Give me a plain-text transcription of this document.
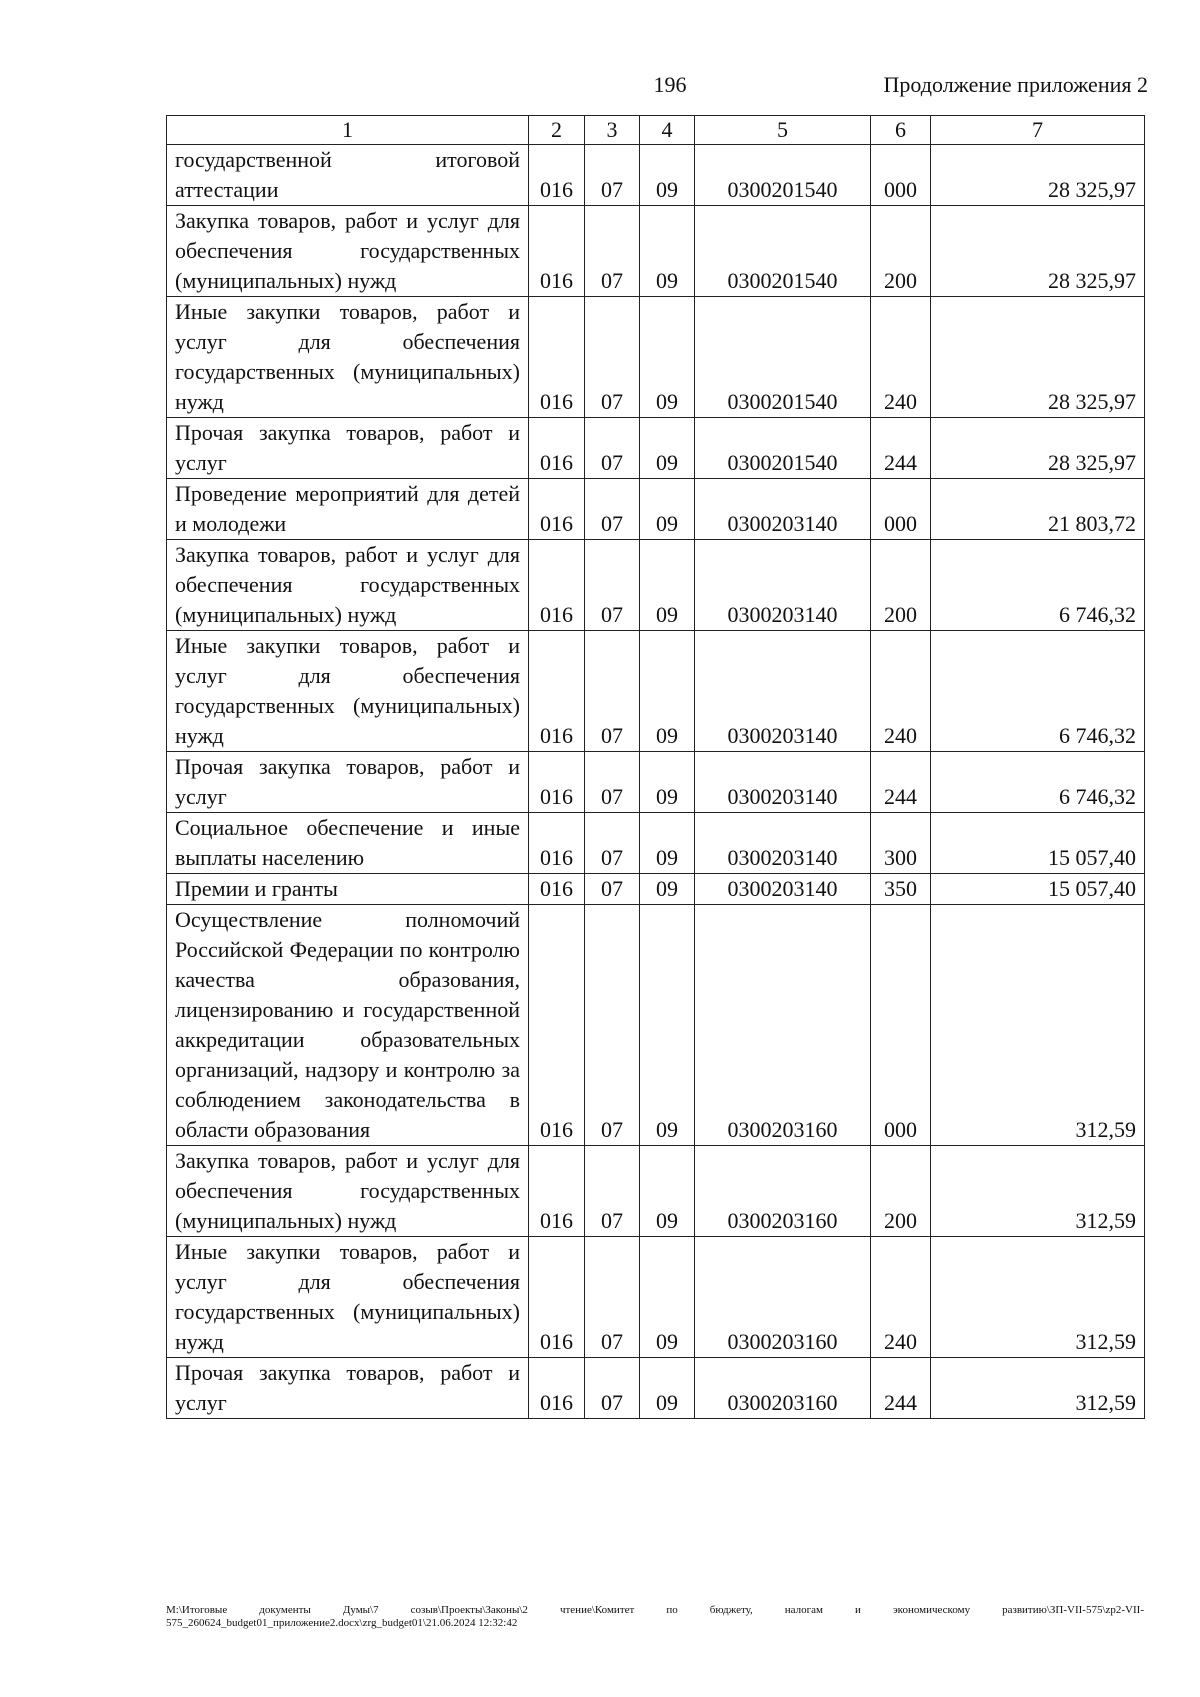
196	Продолжение приложения 2
1	2	3	4	5	6	7
государственной итоговой аттестации	016	07	09	0300201540	000	28 325,97
Закупка товаров, работ и услуг для обеспечения государственных (муниципальных) нужд	016	07	09	0300201540	200	28 325,97
Иные закупки товаров, работ и услуг для обеспечения государственных (муниципальных) нужд	016	07	09	0300201540	240	28 325,97
Прочая закупка товаров, работ и услуг	016	07	09	0300201540	244	28 325,97
Проведение мероприятий для детей и молодежи	016	07	09	0300203140	000	21 803,72
Закупка товаров, работ и услуг для обеспечения государственных (муниципальных) нужд	016	07	09	0300203140	200	6 746,32
Иные закупки товаров, работ и услуг для обеспечения государственных (муниципальных) нужд	016	07	09	0300203140	240	6 746,32
Прочая закупка товаров, работ и услуг	016	07	09	0300203140	244	6 746,32
Социальное обеспечение и иные выплаты населению	016	07	09	0300203140	300	15 057,40
Премии и гранты	016	07	09	0300203140	350	15 057,40
Осуществление полномочий Российской Федерации по контролю качества образования, лицензированию и государственной аккредитации образовательных организаций, надзору и контролю за соблюдением законодательства в области образования	016	07	09	0300203160	000	312,59
Закупка товаров, работ и услуг для обеспечения государственных (муниципальных) нужд	016	07	09	0300203160	200	312,59
Иные закупки товаров, работ и услуг для обеспечения государственных (муниципальных) нужд	016	07	09	0300203160	240	312,59
Прочая закупка товаров, работ и услуг	016	07	09	0300203160	244	312,59
M:\Итоговые документы Думы\7 созыв\Проекты\Законы\2 чтение\Комитет по бюджету, налогам и экономическому развитию\ЗП-VII-575\zp2-VII-575_260624_budget01_приложение2.docx\zrg_budget01\21.06.2024 12:32:42
